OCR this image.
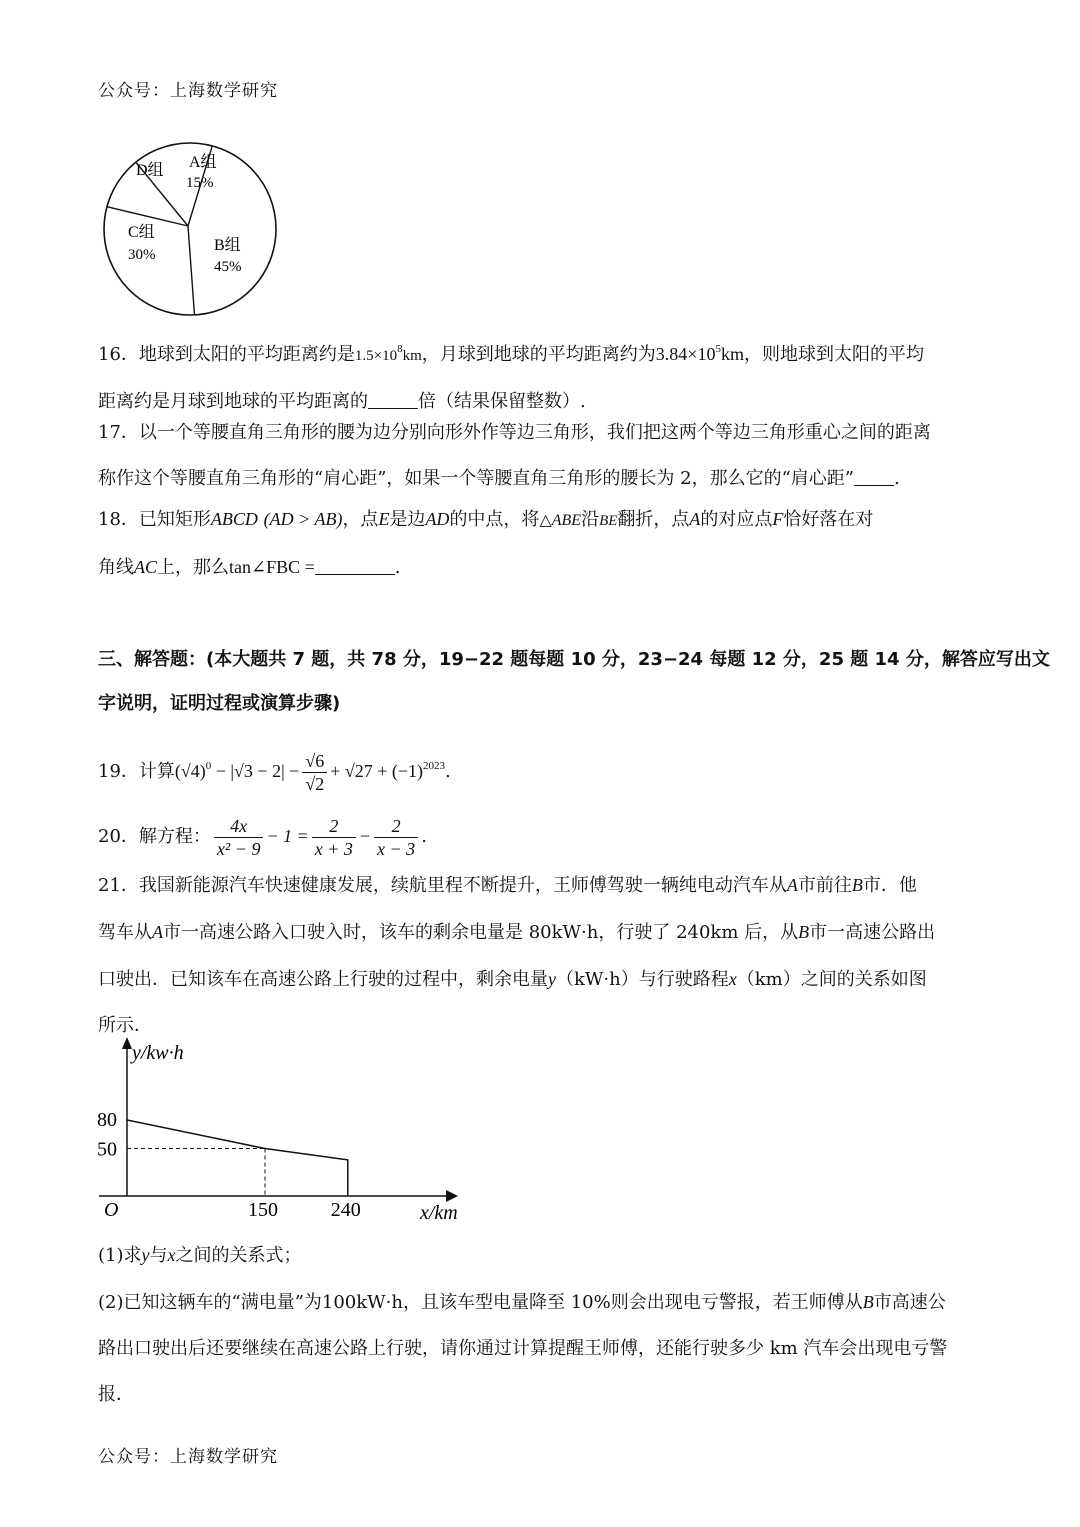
公众号：上海数学研究
D组 A组
15%
C组
30%
B组
45%
16．地球到太阳的平均距离约是$1.5\times 10^8km$，月球到地球的平均距离约为$3.84\times 10^5km$，则地球到太阳的平均
距离约是月球到地球的平均距离的	倍（结果保留整数）.
17．以一个等腰直角三角形的腰为边分别向形外作等边三角形，我们把这两个等边三角形重心之间的距离
称作这个等腰直角三角形的“肩心距”，如果一个等腰直角三角形的腰长为 2，那么它的“肩心距” .
18．已知矩形ABCD (AD > AB)，点E是边AD的中点，将△ABE沿BE翻折，点A的对应点F恰好落在对
角线AC上，那么tan∠FBC =	.
三、解答题：(本大题共 7 题，共 78 分，19−22 题每题 10 分，23−24 每题 12 分，25 题 14 分，解答应写出文
字说明，证明过程或演算步骤)
19．计算$(√4)^0 - |√3 - 2| - \frac{√6}{√2} + √27 + (-1)^{2023}$.
20．解方程： $\frac{4x}{\text{x² − 9}} - 1 = \frac{2}{x + 3} - \frac{2}{x - 3}$ .
21．我国新能源汽车快速健康发展，续航里程不断提升，王师傅驾驶一辆纯电动汽车从A市前往B市．他
驾车从A市一高速公路入口驶入时，该车的剩余电量是 80kW·h，行驶了 240km 后，从B市一高速公路出
口驶出．已知该车在高速公路上行驶的过程中，剩余电量y（kW·h）与行驶路程x（km）之间的关系如图
所示．
80
50
150	240
O	x/km
y/kw·h
(1)求y与x之间的关系式；
(2)已知这辆车的“满电量”为100kW·h，且该车型电量降至 10%则会出现电亏警报，若王师傅从B市高速公
路出口驶出后还要继续在高速公路上行驶，请你通过计算提醒王师傅，还能行驶多少 km 汽车会出现电亏警
报．
公众号：上海数学研究
